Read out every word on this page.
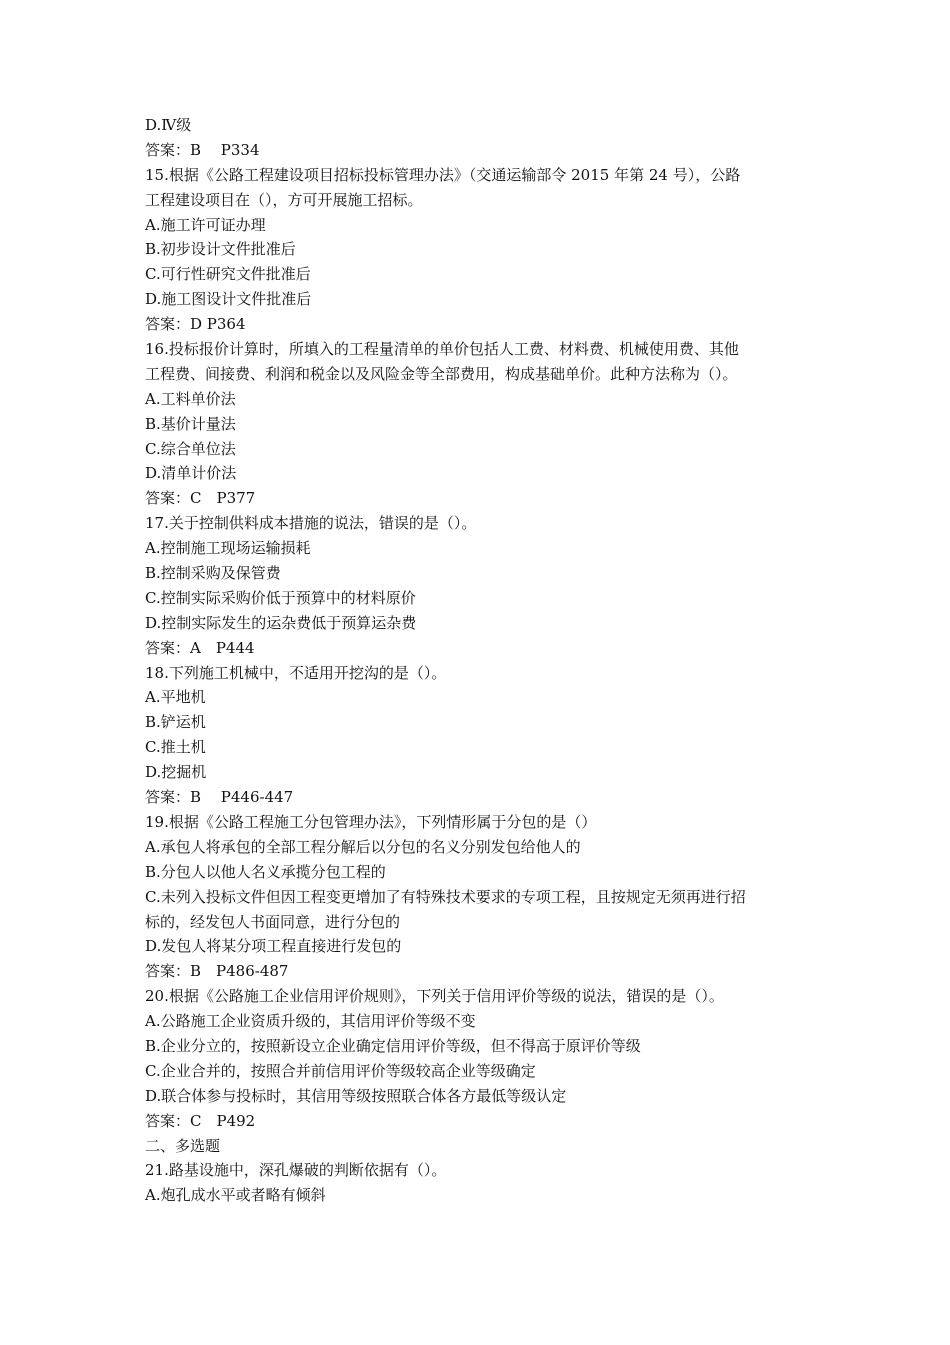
D.Ⅳ级
答案：B　 P334
15.根据《公路工程建设项目招标投标管理办法》（交通运输部令 2015 年第 24 号），公路
工程建设项目在（），方可开展施工招标。
A.施工许可证办理
B.初步设计文件批准后
C.可行性研究文件批准后
D.施工图设计文件批准后
答案：D P364
16.投标报价计算时，所填入的工程量清单的单价包括人工费、材料费、机械使用费、其他
工程费、间接费、利润和税金以及风险金等全部费用，构成基础单价。此种方法称为（）。
A.工料单价法
B.基价计量法
C.综合单位法
D.清单计价法
答案：C　P377
17.关于控制供料成本措施的说法，错误的是（）。
A.控制施工现场运输损耗
B.控制采购及保管费
C.控制实际采购价低于预算中的材料原价
D.控制实际发生的运杂费低于预算运杂费
答案：A　P444
18.下列施工机械中，不适用开挖沟的是（）。
A.平地机
B.铲运机
C.推土机
D.挖掘机
答案：B　 P446-447
19.根据《公路工程施工分包管理办法》，下列情形属于分包的是（）
A.承包人将承包的全部工程分解后以分包的名义分别发包给他人的
B.分包人以他人名义承揽分包工程的
C.未列入投标文件但因工程变更增加了有特殊技术要求的专项工程，且按规定无须再进行招
标的，经发包人书面同意，进行分包的
D.发包人将某分项工程直接进行发包的
答案：B　P486-487
20.根据《公路施工企业信用评价规则》，下列关于信用评价等级的说法，错误的是（）。
A.公路施工企业资质升级的，其信用评价等级不变
B.企业分立的，按照新设立企业确定信用评价等级，但不得高于原评价等级
C.企业合并的，按照合并前信用评价等级较高企业等级确定
D.联合体参与投标时，其信用等级按照联合体各方最低等级认定
答案：C　P492
二、多选题
21.路基设施中，深孔爆破的判断依据有（）。
A.炮孔成水平或者略有倾斜
